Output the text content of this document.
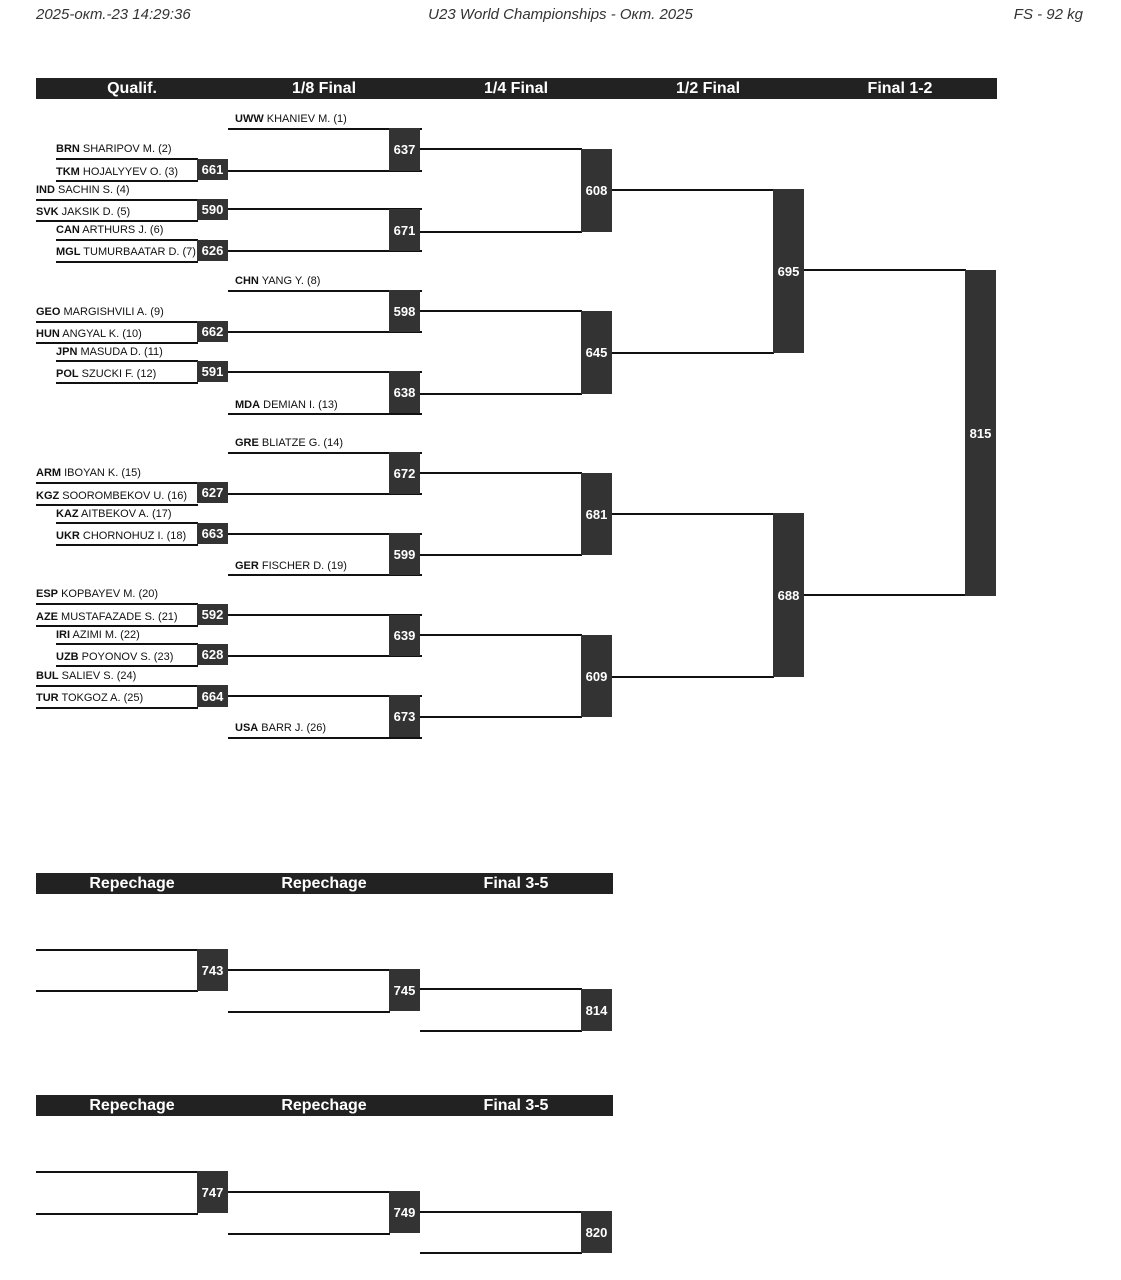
2025-окт.-23 14:29:36	U23 World Championships - Окт. 2025	FS - 92 kg
Qualif.	1/8 Final	1/4 Final	1/2 Final	Final 1-2
Repechage	Repechage	Final 3-5
Repechage	Repechage	Final 3-5
UWW KHANIEV M. (1)
BRN SHARIPOV M. (2)
TKM HOJALYYEV O. (3)	661
637
IND SACHIN S. (4)
SVK JAKSIK D. (5)	590
CAN ARTHURS J. (6)
MGL TUMURBAATAR D. (7) 626
671
608
CHN YANG Y. (8)
GEO MARGISHVILI A. (9)
HUN ANGYAL K. (10)	662
598
JPN MASUDA D. (11)
POL SZUCKI F. (12)	591
MDA DEMIAN I. (13)
638
645
695
GRE BLIATZE G. (14)
ARM IBOYAN K. (15)
KGZ SOOROMBEKOV U. (16)	627
672
KAZ AITBEKOV A. (17)
UKR CHORNOHUZ I. (18)	663
GER FISCHER D. (19)
599
681
ESP KOPBAYEV M. (20)
AZE MUSTAFAZADE S. (21)	592
IRI AZIMI M. (22)
UZB POYONOV S. (23)	628
639
BUL SALIEV S. (24)
TUR TOKGOZ A. (25)	664
USA BARR J. (26)
673
609
688
815
743
745
814
747
749
820
